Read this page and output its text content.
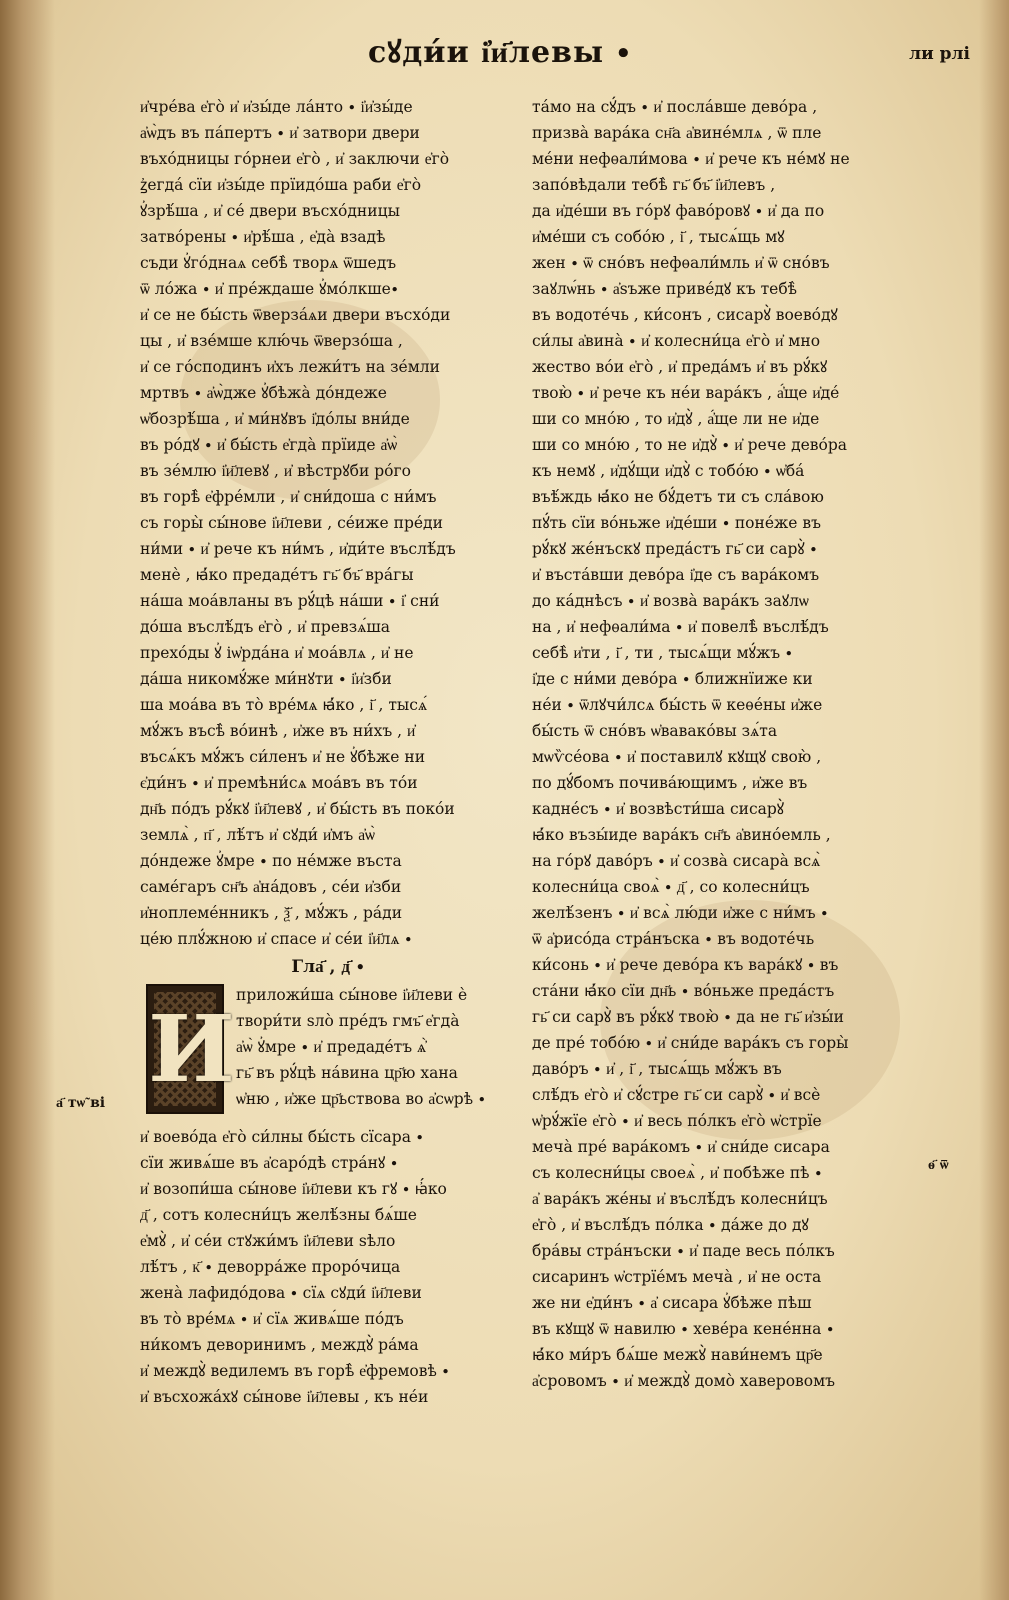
сꙋди́и і҆и҃левы ∙	ли рлі
а҃ тѡ̃ ві
ѳ҃ ѿ
и҆чре́ва е҆го̀ и҆ и҆зы́де ла́нто ∙ і҆и҆зы́де
а҆ѡ̀дъ въ па́пертъ ∙ и҆ затвори двери
въхо́дницы го́рнеи е҆го̀ , и҆ заключи е҆го̀
ꙁ҆егда́ сїи и҆зы́де прїидо́ша раби е҆го̀
ꙋ҆зрѣ́ша , и҆ се́ двери въсхо́дницы
затво́рены ∙ и҆рѣ́ша , е҆да̀ взадѣ
съди ꙋ҆го́днаѧ себѣ̀ творѧ ѿшедъ
ѿ ло́жа ∙ и҆ пре́ждаше ꙋ҆мо́лкше∙
и҆ се не бы́сть ѿверза́ѧи двери въсхо́ди
цы , и҆ взе́мше клю́чь ѿверзо́ша ,
и҆ се го́сподинъ и҆хъ лежи́тъ на зе́мли
мртвъ ∙ а҆ѡ̀дже ꙋ҆бѣжа̀ до́ндеже
ѡ҆бозрѣ́ша , и҆ ми́нꙋвъ і҆до́лы вни́де
въ ро́дꙋ ∙ и҆ бы́сть е҆гда̀ прїиде а҆ѡ̀
въ зе́млю і҆и҃левꙋ , и҆ вѣстрꙋби ро́го
въ горѣ̀ е҆фре́мли , и҆ сни́доша с ни́мъ
съ горы̀ сы́нове і҆и҃леви , се́иже пре́ди
ни́ми ∙ и҆ рече къ ни́мъ , и҆ди́те въслѣ́дъ
менѐ , ꙗ҆́ко предаде́тъ гь҃ бъ҃ вра́гы
на́ша моа́вланы въ рꙋ́цѣ на́ши ∙ і҆ сни́
до́ша въслѣ́дъ е҆го̀ , и҆ превзѧ́ша
прехо́ды ꙋ҆ іѡ҆рда́на и҆ моа́влѧ , и҆ не
да́ша никомꙋ́же ми́нꙋти ∙ і҆и҆зби
ша моа́ва въ то̀ вре́мѧ ꙗ҆́ко , і҃ , тысѧ́
мꙋ́жъ въсѣ̀ во́инѣ , и҆же въ ни́хъ , и҆
въсѧ́къ мꙋ́жъ си́ленъ и҆ не ꙋ҆бѣже ни
є҆ди́нъ ∙ и҆ премѣни́сѧ моа́въ въ то́и
дн҃ь по́дъ рꙋ́кꙋ і҆и҃левꙋ , и҆ бы́сть въ поко́и
землѧ̀ , п҃ , лѣ́тъ и҆ сꙋди́ и҆мъ а҆ѡ̀
до́ндеже ꙋ҆мре ∙ по не́мже въста
саме́гаръ сн҃ъ а҆на́довъ , се́и и҆зби
и҆ноплеме́нникъ , ѯ҃ , мꙋ́жъ , ра́ди
це́ю плꙋ́жною и҆ спасе и҆ се́и і҆и҃лѧ ∙
Гла҃ , д҃ ∙
И приложи́ша сы́нове і҆и҃леви ѐ
твори́ти ѕло̀ пре́дъ гмъ҃ е҆гда̀
а҆ѡ̀ ꙋ҆мре ∙ и҆ предаде́тъ ѧ҆̀
гь҃ въ рꙋ́цѣ на́вина цр҃ю хана
ѡ҆ню , и҆же цр҃ьствова во а҆сѡрѣ ∙
и҆ воево́да е҆го̀ си́лны бы́сть сїсара ∙
сїи живѧ́ше въ а҆саро́дѣ стра́нꙋ ∙
и҆ возопи́ша сы́нове і҆и҃леви къ гꙋ ∙ ꙗ҆́ко
д҃ , сотъ колесни́цъ желѣ́зны бѧ́ше
е҆мꙋ̀ , и҆ се́и стꙋжи́мъ і҆и҃леви ѕѣло
лѣ́тъ , к҃ ∙ деворра́же проро́чица
жена̀ лафидо́дова ∙ сїѧ сꙋди́ і҆и҃леви
въ то̀ вре́мѧ ∙ и҆ сїѧ живѧ́ше по́дъ
ни́комъ деворинимъ , междꙋ̀ ра́ма
и҆ междꙋ̀ ведилемъ въ горѣ̀ е҆фремовѣ ∙
и҆ въсхожа́хꙋ сы́нове і҆и҃левы , къ не́и
та́мо на сꙋ́дъ ∙ и҆ посла́вше дево́ра ,
призва̀ вара́ка сн҃а а҆вине́млѧ , ѿ пле
ме́ни нефѳали́мова ∙ и҆ рече къ не́мꙋ не
запо́вѣдали тебѣ̀ гь҃ бъ҃ і҆и҃левъ ,
да и҆де́ши въ го́рꙋ фаво́ровꙋ ∙ и҆ да по
и҆ме́ши съ собо́ю , і҃ , тысѧ́щь мꙋ
жен ∙ ѿ сно́въ нефѳали́мль и҆ ѿ сно́въ
заꙋлѡ́нь ∙ а҆ѕъже приве́дꙋ къ тебѣ̀
въ водоте́чь , ки́сонъ , сисарꙋ̀ воево́дꙋ
си́лы а҆вина̀ ∙ и҆ колесни́ца е҆го̀ и҆ мно
жество во́и е҆го̀ , и҆ преда́мъ и҆ въ рꙋ́кꙋ
твою̀ ∙ и҆ рече къ не́и вара́къ , а҆́ще и҆де́
ши со мно́ю , то и҆дꙋ̀ , а҆́ще ли не и҆де
ши со мно́ю , то не и҆дꙋ̀ ∙ и҆ рече дево́ра
къ немꙋ , и҆дꙋ́щи и҆дꙋ̀ с тобо́ю ∙ ѡ҆ба́
въѣ́ждь ꙗ҆́ко не бꙋ́детъ ти съ сла́вою
пꙋ́ть сїи во́ньже и҆де́ши ∙ поне́же въ
рꙋ́кꙋ же́нъскꙋ преда́стъ гь҃ си сарꙋ̀ ∙
и҆ въста́вши дево́ра і҆де съ вара́комъ
до ка́днѣсъ ∙ и҆ возва̀ вара́къ заꙋлѡ
на , и҆ нефѳали́ма ∙ и҆ повелѣ̀ въслѣ́дъ
себѣ̀ и҆ти , і҃ , ти , тысѧ́щи мꙋ́жъ ∙
і҆де с ни́ми дево́ра ∙ ближнїиже ки
не́и ∙ ѿлꙋчи́лсѧ бы́сть ѿ кеѳе́ны и҆же
бы́сть ѿ сно́въ ѡ҆вавако́вы зѧ́та
мѡѷсе́ова ∙ и҆ поставилꙋ кꙋщꙋ свою̀ ,
по дꙋ́бомъ почива́ющимъ , и҆же въ
кадне́съ ∙ и҆ возвѣсти́ша сисарꙋ̀
ꙗ҆́ко възы́иде вара́къ сн҃ъ а҆вино́емль ,
на го́рꙋ даво́ръ ∙ и҆ созва̀ сисара̀ всѧ̀
колесни́ца своѧ̀ ∙ д҃ , со колесни́цъ
желѣ́зенъ ∙ и҆ всѧ̀ лю́ди и҆же с ни́мъ ∙
ѿ а҆рисо́да стра́нъска ∙ въ водоте́чь
ки́сонь ∙ и҆ рече дево́ра къ вара́кꙋ ∙ въ
ста́ни ꙗ҆́ко сїи дн҃ь ∙ во́ньже преда́стъ
гь҃ си сарꙋ̀ въ рꙋ́кꙋ твою̀ ∙ да не гь҃ и҆зы́и
де пре́ тобо́ю ∙ и҆ сни́де вара́къ съ горы̀
даво́ръ ∙ и҆ , і҃ , тысѧ́щь мꙋ́жъ въ
слѣ́дъ е҆го̀ и҆ сꙋ́стре гь҃ си сарꙋ̀ ∙ и҆ всѐ
ѡ҆рꙋ́жїе е҆го̀ ∙ и҆ весь по́лкъ е҆го̀ ѡ҆стрїе
меча̀ пре́ вара́комъ ∙ и҆ сни́де сисара
съ колесни́цы своеѧ̀ , и҆ побѣже пѣ ∙
а҆ вара́къ же́ны и҆ въслѣ́дъ колесни́цъ
е҆го̀ , и҆ въслѣ́дъ по́лка ∙ да́же до дꙋ
бра́вы стра́нъски ∙ и҆ паде весь по́лкъ
сисаринъ ѡ҆стрїе́мъ меча̀ , и҆ не оста
же ни е҆ди́нъ ∙ а҆ сисара ꙋ҆бѣже пѣш
въ кꙋщꙋ ѿ навилю ∙ хеве́ра кене́нна ∙
ꙗ҆́ко ми́ръ бѧ́ше межꙋ̀ нави́немъ цр҃е
а҆сровомъ ∙ и҆ междꙋ̀ домо̀ хаверовомъ
